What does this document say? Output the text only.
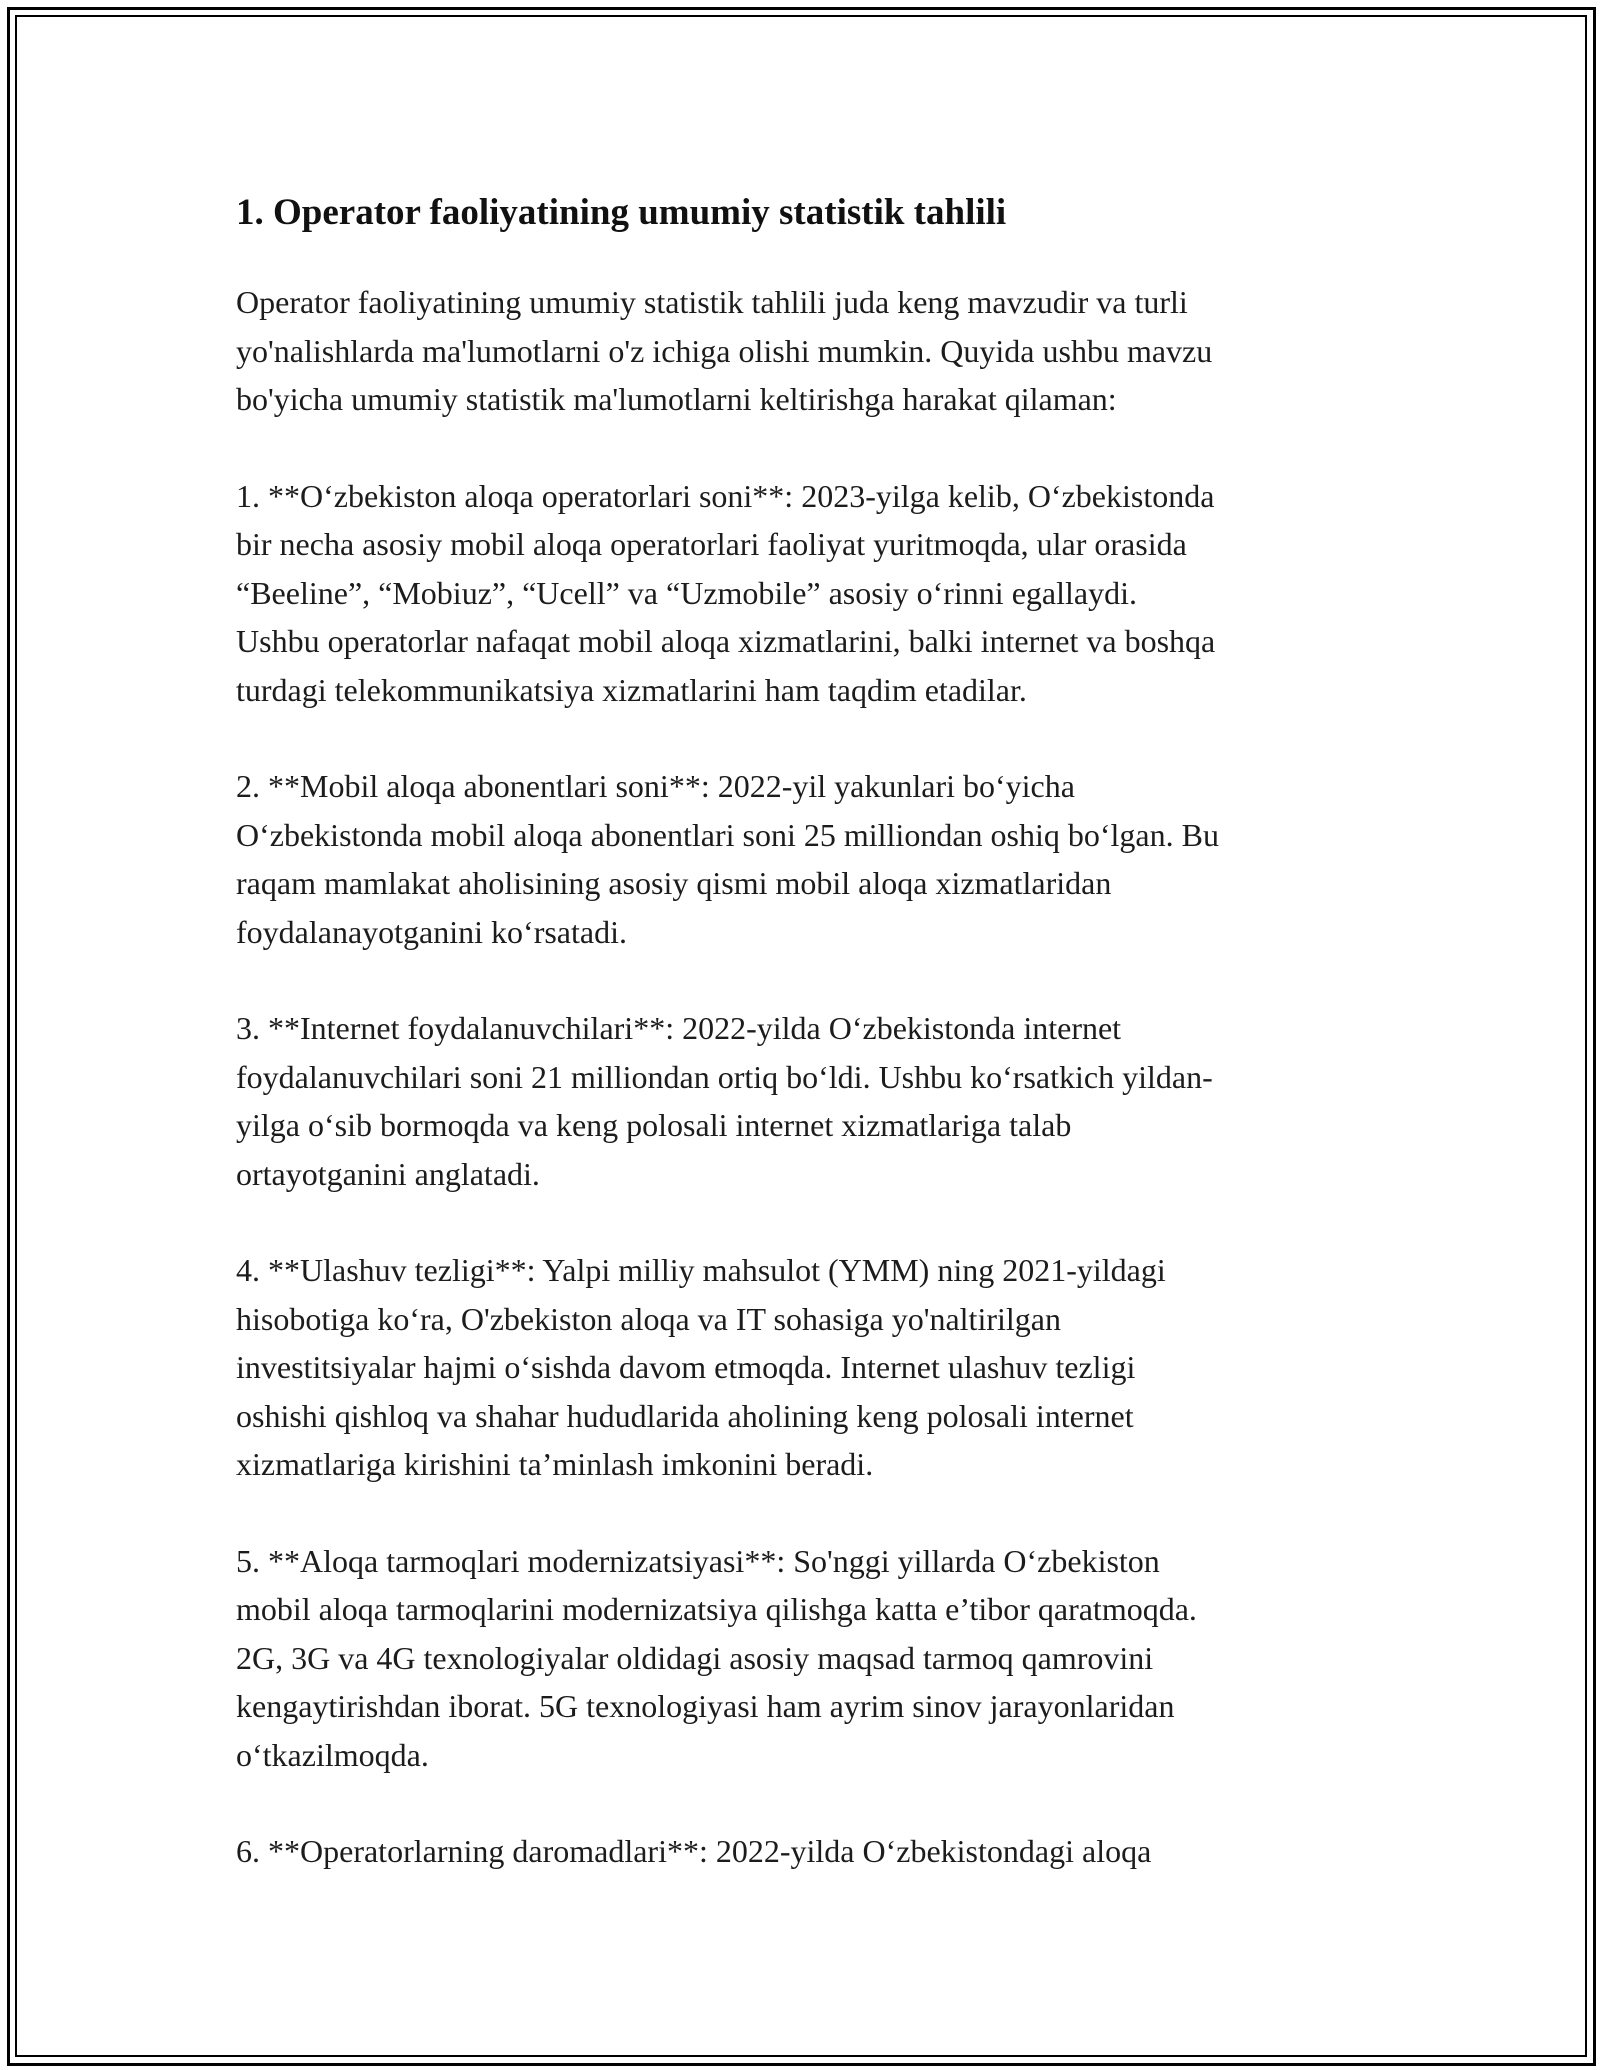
1. Operator faoliyatining umumiy statistik tahlili

Operator faoliyatining umumiy statistik tahlili juda keng mavzudir va turli
yo'nalishlarda ma'lumotlarni o'z ichiga olishi mumkin. Quyida ushbu mavzu
bo'yicha umumiy statistik ma'lumotlarni keltirishga harakat qilaman:

1. **Oʻzbekiston aloqa operatorlari soni**: 2023-yilga kelib, Oʻzbekistonda
bir necha asosiy mobil aloqa operatorlari faoliyat yuritmoqda, ular orasida
“Beeline”, “Mobiuz”, “Ucell” va “Uzmobile” asosiy oʻrinni egallaydi.
Ushbu operatorlar nafaqat mobil aloqa xizmatlarini, balki internet va boshqa
turdagi telekommunikatsiya xizmatlarini ham taqdim etadilar.

2. **Mobil aloqa abonentlari soni**: 2022-yil yakunlari boʻyicha
Oʻzbekistonda mobil aloqa abonentlari soni 25 milliondan oshiq boʻlgan. Bu
raqam mamlakat aholisining asosiy qismi mobil aloqa xizmatlaridan
foydalanayotganini koʻrsatadi.

3. **Internet foydalanuvchilari**: 2022-yilda Oʻzbekistonda internet
foydalanuvchilari soni 21 milliondan ortiq boʻldi. Ushbu koʻrsatkich yildan-
yilga oʻsib bormoqda va keng polosali internet xizmatlariga talab
ortayotganini anglatadi.

4. **Ulashuv tezligi**: Yalpi milliy mahsulot (YMM) ning 2021-yildagi
hisobotiga koʻra, O'zbekiston aloqa va IT sohasiga yo'naltirilgan
investitsiyalar hajmi oʻsishda davom etmoqda. Internet ulashuv tezligi
oshishi qishloq va shahar hududlarida aholining keng polosali internet
xizmatlariga kirishini ta’minlash imkonini beradi.

5. **Aloqa tarmoqlari modernizatsiyasi**: So'nggi yillarda Oʻzbekiston
mobil aloqa tarmoqlarini modernizatsiya qilishga katta e’tibor qaratmoqda.
2G, 3G va 4G texnologiyalar oldidagi asosiy maqsad tarmoq qamrovini
kengaytirishdan iborat. 5G texnologiyasi ham ayrim sinov jarayonlaridan
oʻtkazilmoqda.

6. **Operatorlarning daromadlari**: 2022-yilda Oʻzbekistondagi aloqa
